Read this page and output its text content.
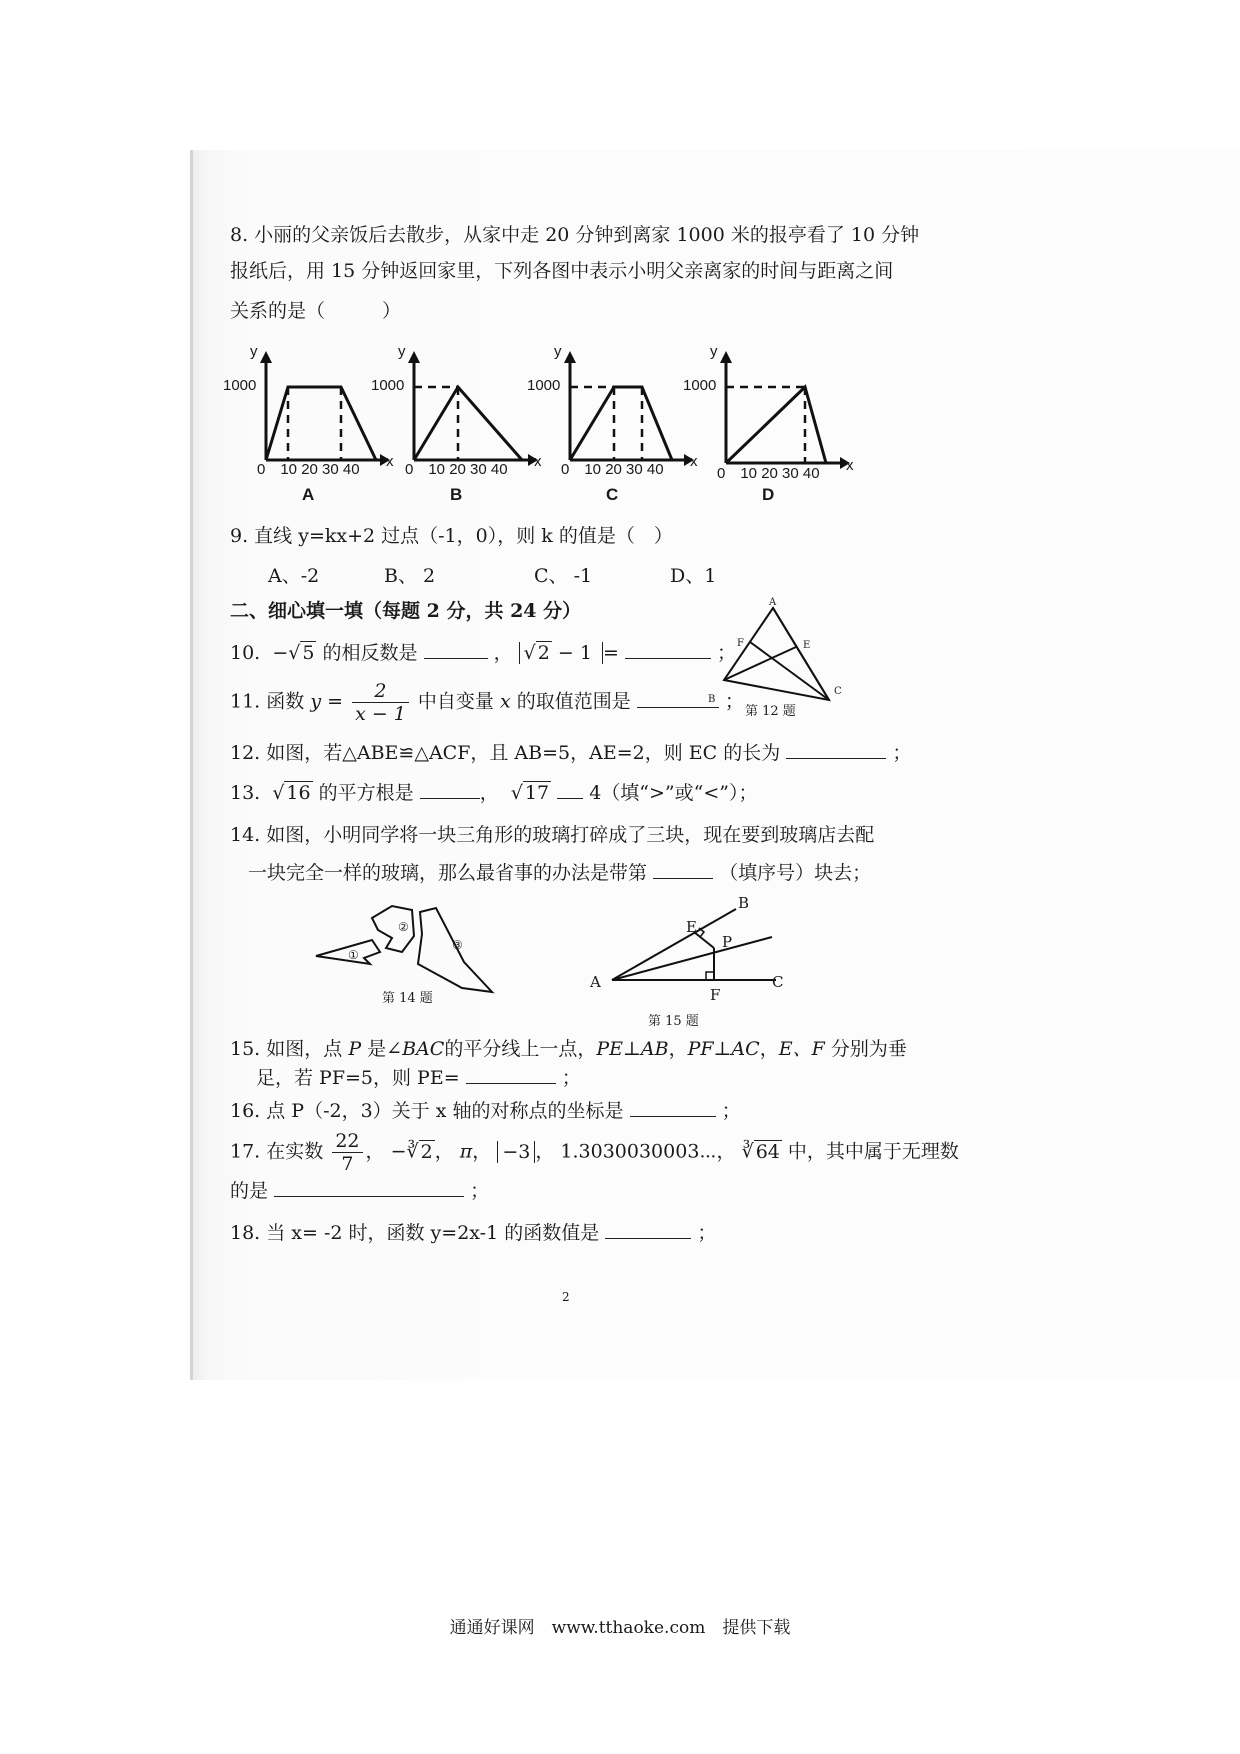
8. 小丽的父亲饭后去散步，从家中走 20 分钟到离家 1000 米的报亭看了 10 分钟
报纸后，用 15 分钟返回家里，下列各图中表示小明父亲离家的时间与距离之间
关系的是（　　　）
y
1000
0　10 20 30 40 x
A
y
1000
0　10 20 30 40 x
B
y
1000
0　10 20 30 40 x
C
y
1000
0　10 20 30 40 x
D
9. 直线 y=kx+2 过点（-1，0），则 k 的值是（　）
A、-2	B、 2	C、 -1	D、1
二、细心填一填（每题 2 分，共 24 分）
10. −√ 5 的相反数是	， √ 2 − 1 =	；
A
F	E
B
C
第 12 题
11. 函数 $y = \frac{2}{x - 1}$ 中自变量 x 的取值范围是	；
12. 如图，若△ABE≌△ACF，且 AB=5，AE=2，则 EC 的长为	；
13. √ 16 的平方根是	，  √ 17 4（填“>”或“<”）；
14. 如图，小明同学将一块三角形的玻璃打碎成了三块，现在要到玻璃店去配
一块完全一样的玻璃，那么最省事的办法是带第	（填序号）块去；
①
②
③
第 14 题
B
E
P
A
F
C
第 15 题
15. 如图，点 P 是∠BAC的平分线上一点，PE⊥AB，PF⊥AC，E、F 分别为垂
足，若 PF=5，则 PE=	；
16. 点 P（-2，3）关于 x 轴的对称点的坐标是	；
17. 在实数 $\frac{22}{7}$ ， −∛ 2 ， π， −3 ， 1.3030030003⋯， ∛ 64 中，其中属于无理数
的是	；
18. 当 x= -2 时，函数 y=2x-1 的函数值是	；
2
通通好课网　www.tthaoke.com　提供下载
